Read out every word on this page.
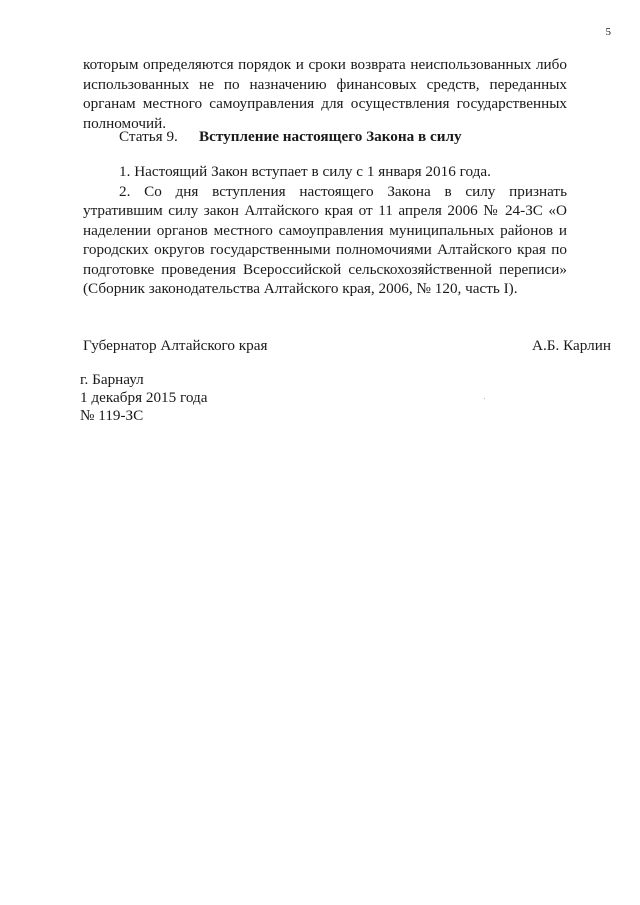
5

которым определяются порядок и сроки возврата неиспользованных либо использованных не по назначению финансовых средств, переданных органам местного самоуправления для осуществления государственных полномочий.

Статья 9. Вступление настоящего Закона в силу

1. Настоящий Закон вступает в силу с 1 января 2016 года.

2. Со дня вступления настоящего Закона в силу признать утратившим силу закон Алтайского края от 11 апреля 2006 № 24-ЗС «О наделении органов местного самоуправления муниципальных районов и городских округов государственными полномочиями Алтайского края по подготовке проведения Всероссийской сельскохозяйственной переписи» (Сборник законодательства Алтайского края, 2006, № 120, часть I).

Губернатор Алтайского края	А.Б. Карлин
г. Барнаул
1 декабря 2015 года
№ 119-ЗС
